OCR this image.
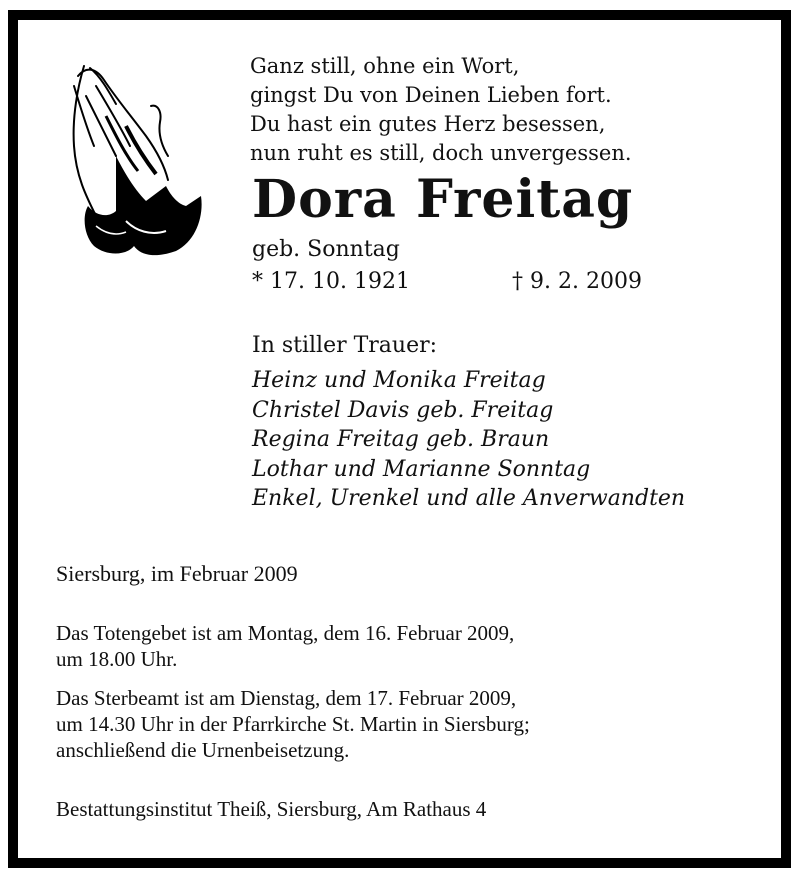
Ganz still, ohne ein Wort,
gingst Du von Deinen Lieben fort.
Du hast ein gutes Herz besessen,
nun ruht es still, doch unvergessen.
Dora Freitag
geb. Sonntag
* 17. 10. 1921	† 9. 2. 2009
In stiller Trauer:
Heinz und Monika Freitag
Christel Davis geb. Freitag
Regina Freitag geb. Braun
Lothar und Marianne Sonntag
Enkel, Urenkel und alle Anverwandten
Siersburg, im Februar 2009
Das Totengebet ist am Montag, dem 16. Februar 2009,
um 18.00 Uhr.
Das Sterbeamt ist am Dienstag, dem 17. Februar 2009,
um 14.30 Uhr in der Pfarrkirche St. Martin in Siersburg;
anschließend die Urnenbeisetzung.
Bestattungsinstitut Theiß, Siersburg, Am Rathaus 4
